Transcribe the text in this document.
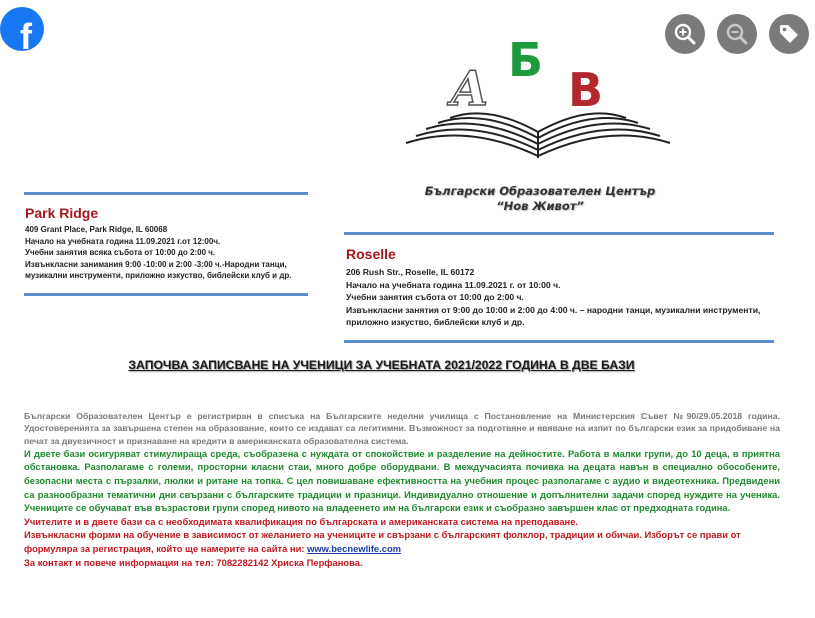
f
А
Б
В
Български Образователен Център
“Нов Живот”
Park Ridge
409 Grant Place, Park Ridge, IL 60068
Начало на учебната година 11.09.2021 г.от 12:00ч.
Учебни занятия всяка събота от 10:00 до 2:00 ч.
Извънкласни занимания 9:00 -10:00 и 2:00 -3:00 ч.-Народни танци,
музикални инструменти, приложно изкуство, библейски клуб и др.
Roselle
206 Rush Str., Roselle, IL 60172
Начало на учебната година 11.09.2021 г. от 10:00 ч.
Учебни занятия събота от 10:00 до 2:00 ч.
Извънкласни занятия от 9:00 до 10:00 и 2:00 до 4:00 ч. – народни танци, музикални инструменти,
приложно изкуство, библейски клуб и др.
ЗАПОЧВА ЗАПИСВАНЕ НА УЧЕНИЦИ ЗА УЧЕБНАТА 2021/2022 ГОДИНА В ДВЕ БАЗИ
Български Образователен Център е регистриран в списъка на Българските неделни училища с Постановление на Министерския Съвет №90/29.05.2018 година. Удостоверенията за завършена степен на образование, които се издават са легитимни. Възможност за подготвяне и явяване на изпит по български език за придобиване на печат за двуезичност и признаване на кредити в американската образователна система.
И двете бази осигуряват стимулираща среда, съобразена с нуждата от спокойствие и разделение на дейностите. Работа в малки групи, до 10 деца, в приятна обстановка. Разполагаме с големи, просторни класни стаи, много добре оборудвани. В междучасията почивка на децата навън в специално обособените, безопасни места с пързалки, люлки и ритане на топка. С цел повишаване ефективността на учебния процес разполагаме с аудио и видеотехника. Предвидени са разнообразни тематични дни свързани с българските традиции и празници. Индивидуално отношение и допълнителни задачи според нуждите на ученика. Учениците се обучават във възрастови групи според нивото на владеенето им на български език и съобразно завършен клас от предходната година.
Учителите и в двете бази са с необходимата квалификация по българската и американската система на преподаване.
Извънкласни форми на обучение в зависимост от желанието на учениците и свързани с българският фолклор, традиции и обичаи. Изборът се прави от формуляра за регистрация, който ще намерите на сайта ни: www.becnewlife.com
За контакт и повече информация на тел: 7082282142 Хриска Перфанова.
